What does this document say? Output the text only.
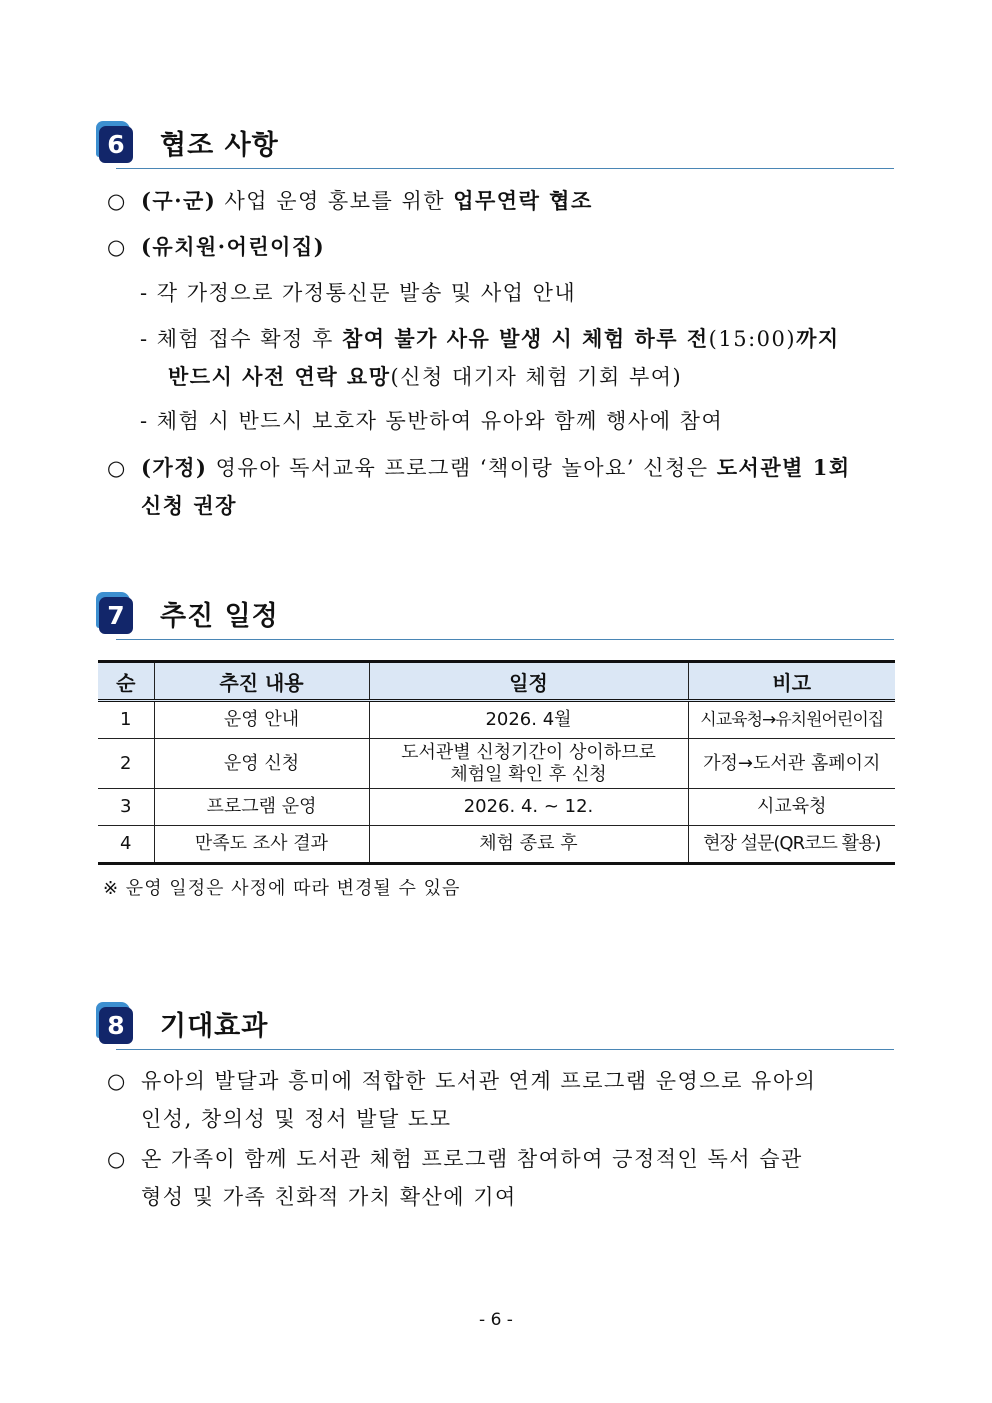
6	협조 사항
○ (구·군) 사업 운영 홍보를 위한 업무연락 협조
○ (유치원·어린이집)
- 각 가정으로 가정통신문 발송 및 사업 안내
- 체험 접수 확정 후 참여 불가 사유 발생 시 체험 하루 전(15:00)까지
반드시 사전 연락 요망(신청 대기자 체험 기회 부여)
- 체험 시 반드시 보호자 동반하여 유아와 함께 행사에 참여
○ (가정) 영유아 독서교육 프로그램 ‘책이랑 놀아요’ 신청은 도서관별 1회
신청 권장
7	추진 일정
순	추진 내용	일정	비고
1	운영 안내	2026. 4월	시교육청→유치원어린이집
2	운영 신청	도서관별 신청기간이 상이하므로
체험일 확인 후 신청	가정→도서관 홈페이지
3	프로그램 운영	2026. 4. ~ 12.	시교육청
4	만족도 조사 결과	체험 종료 후	현장 설문(QR코드 활용)
※ 운영 일정은 사정에 따라 변경될 수 있음
8	기대효과
○ 유아의 발달과 흥미에 적합한 도서관 연계 프로그램 운영으로 유아의
인성, 창의성 및 정서 발달 도모
○ 온 가족이 함께 도서관 체험 프로그램 참여하여 긍정적인 독서 습관
형성 및 가족 친화적 가치 확산에 기여
- 6 -
